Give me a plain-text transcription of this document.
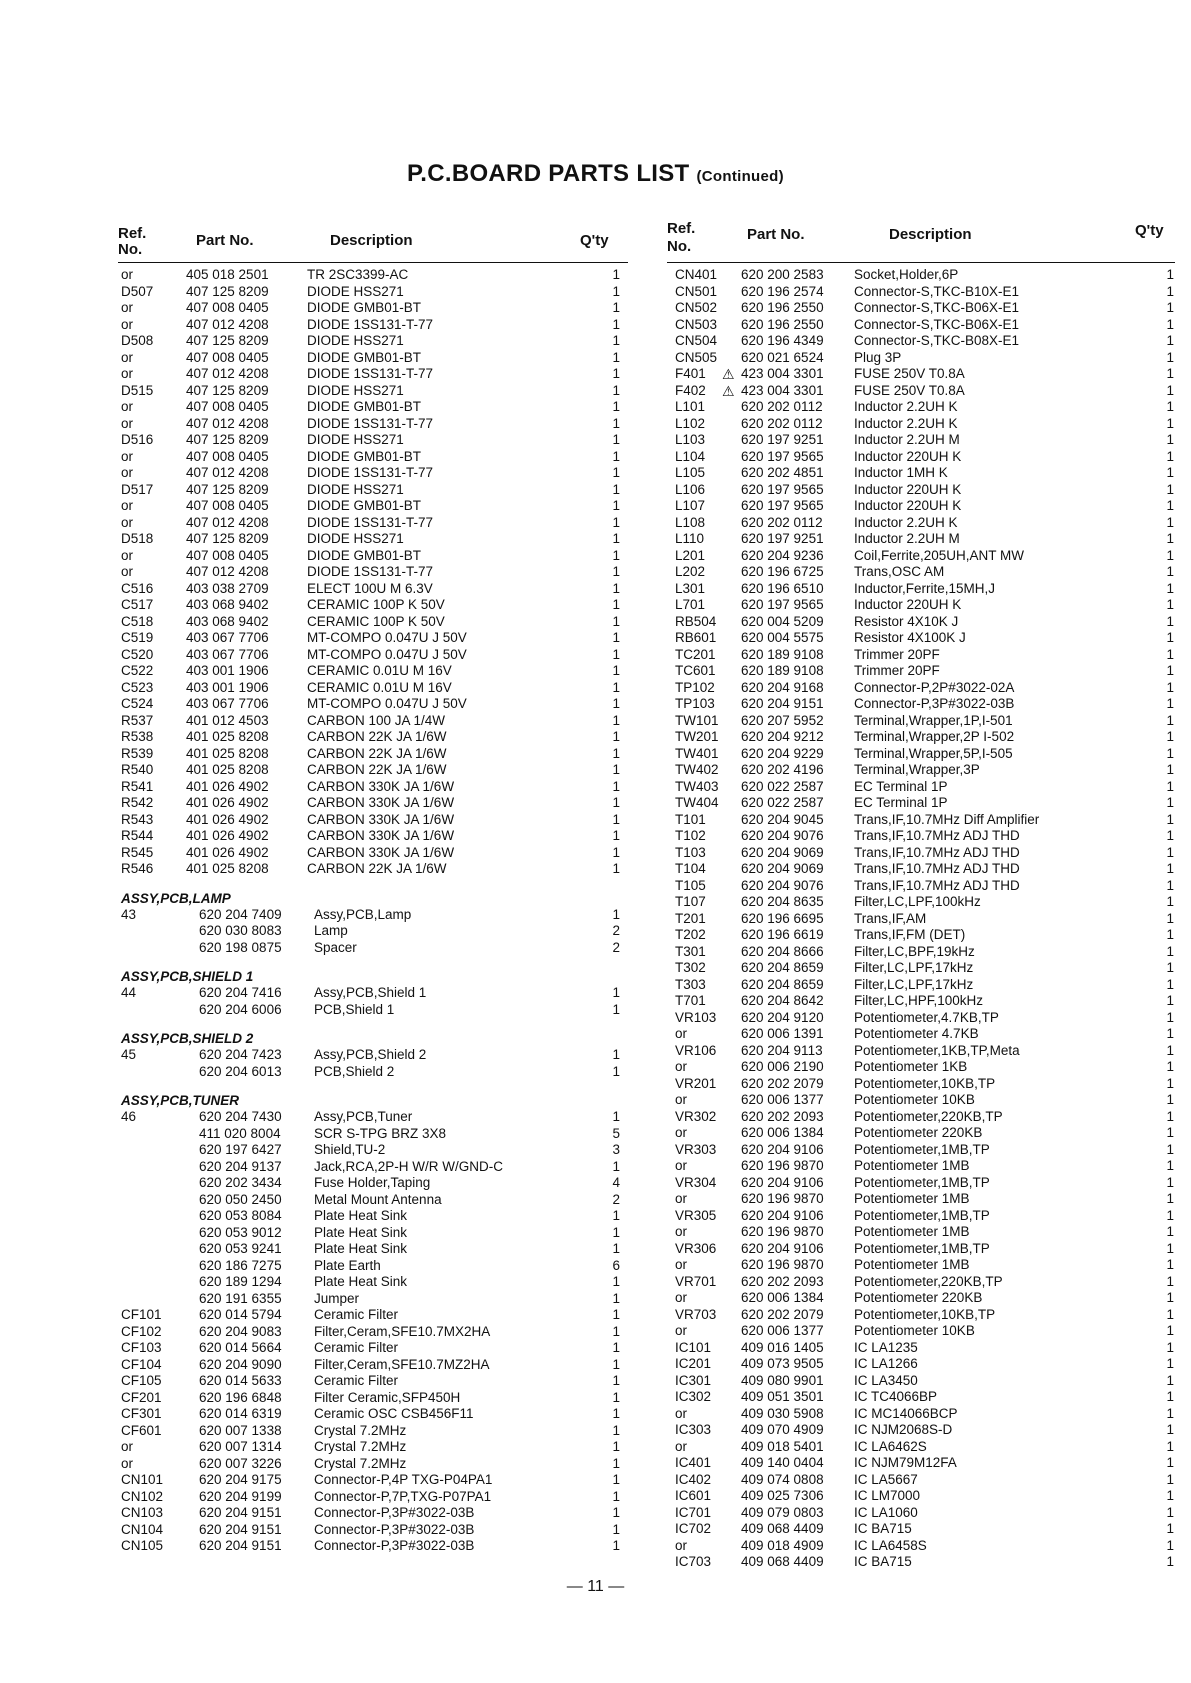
P.C.BOARD PARTS LIST (Continued)
Ref. No.
Part No.	Description	Q'ty
or	405 018 2501	TR 2SC3399-AC	1
D507 407 125 8209	DIODE HSS271	1
or	407 008 0405	DIODE GMB01-BT	1
or	407 012 4208	DIODE 1SS131-T-77	1
D508 407 125 8209	DIODE HSS271	1
or	407 008 0405	DIODE GMB01-BT	1
or	407 012 4208	DIODE 1SS131-T-77	1
D515 407 125 8209	DIODE HSS271	1
or	407 008 0405	DIODE GMB01-BT	1
or	407 012 4208	DIODE 1SS131-T-77	1
D516 407 125 8209	DIODE HSS271	1
or	407 008 0405	DIODE GMB01-BT	1
or	407 012 4208	DIODE 1SS131-T-77	1
D517 407 125 8209	DIODE HSS271	1
or	407 008 0405	DIODE GMB01-BT	1
or	407 012 4208	DIODE 1SS131-T-77	1
D518 407 125 8209	DIODE HSS271	1
or	407 008 0405	DIODE GMB01-BT	1
or	407 012 4208	DIODE 1SS131-T-77	1
C516 403 038 2709	ELECT 100U M 6.3V	1
C517 403 068 9402	CERAMIC 100P K 50V	1
C518 403 068 9402	CERAMIC 100P K 50V	1
C519 403 067 7706	MT-COMPO 0.047U J 50V	1
C520 403 067 7706	MT-COMPO 0.047U J 50V	1
C522 403 001 1906	CERAMIC 0.01U M 16V	1
C523 403 001 1906	CERAMIC 0.01U M 16V	1
C524 403 067 7706	MT-COMPO 0.047U J 50V	1
R537 401 012 4503	CARBON 100 JA 1/4W	1
R538 401 025 8208	CARBON 22K JA 1/6W	1
R539 401 025 8208	CARBON 22K JA 1/6W	1
R540 401 025 8208	CARBON 22K JA 1/6W	1
R541 401 026 4902	CARBON 330K JA 1/6W	1
R542 401 026 4902	CARBON 330K JA 1/6W	1
R543 401 026 4902	CARBON 330K JA 1/6W	1
R544 401 026 4902	CARBON 330K JA 1/6W	1
R545 401 026 4902	CARBON 330K JA 1/6W	1
R546 401 025 8208	CARBON 22K JA 1/6W	1
ASSY,PCB,LAMP
43	620 204 7409 Assy,PCB,Lamp	1
620 030 8083 Lamp	2
620 198 0875 Spacer	2
ASSY,PCB,SHIELD 1
44	620 204 7416 Assy,PCB,Shield 1	1
620 204 6006 PCB,Shield 1	1
ASSY,PCB,SHIELD 2
45	620 204 7423 Assy,PCB,Shield 2	1
620 204 6013 PCB,Shield 2	1
ASSY,PCB,TUNER
46	620 204 7430 Assy,PCB,Tuner	1
411 020 8004 SCR S-TPG BRZ 3X8	5
620 197 6427 Shield,TU-2	3
620 204 9137 Jack,RCA,2P-H W/R W/GND-C	1
620 202 3434 Fuse Holder,Taping	4
620 050 2450 Metal Mount Antenna	2
620 053 8084 Plate Heat Sink	1
620 053 9012 Plate Heat Sink	1
620 053 9241 Plate Heat Sink	1
620 186 7275 Plate Earth	6
620 189 1294 Plate Heat Sink	1
620 191 6355 Jumper	1
CF101	620 014 5794 Ceramic Filter	1
CF102	620 204 9083 Filter,Ceram,SFE10.7MX2HA	1
CF103	620 014 5664 Ceramic Filter	1
CF104	620 204 9090 Filter,Ceram,SFE10.7MZ2HA	1
CF105	620 014 5633 Ceramic Filter	1
CF201	620 196 6848 Filter Ceramic,SFP450H	1
CF301	620 014 6319 Ceramic OSC CSB456F11	1
CF601	620 007 1338 Crystal 7.2MHz	1
or	620 007 1314 Crystal 7.2MHz	1
or	620 007 3226 Crystal 7.2MHz	1
CN101	620 204 9175 Connector-P,4P TXG-P04PA1	1
CN102	620 204 9199 Connector-P,7P,TXG-P07PA1	1
CN103	620 204 9151 Connector-P,3P#3022-03B	1
CN104	620 204 9151 Connector-P,3P#3022-03B	1
CN105	620 204 9151 Connector-P,3P#3022-03B	1
Ref. No.
Part No.	Description	Q'ty
CN401 620 200 2583 Socket,Holder,6P	1
CN501 620 196 2574 Connector-S,TKC-B10X-E1	1
CN502 620 196 2550 Connector-S,TKC-B06X-E1	1
CN503 620 196 2550 Connector-S,TKC-B06X-E1	1
CN504 620 196 4349 Connector-S,TKC-B08X-E1	1
CN505 620 021 6524 Plug 3P	1
F401 ⚠ 423 004 3301 FUSE 250V T0.8A	1
F402 ⚠ 423 004 3301 FUSE 250V T0.8A	1
L101	620 202 0112 Inductor 2.2UH K	1
L102	620 202 0112 Inductor 2.2UH K	1
L103	620 197 9251 Inductor 2.2UH M	1
L104	620 197 9565 Inductor 220UH K	1
L105	620 202 4851 Inductor 1MH K	1
L106	620 197 9565 Inductor 220UH K	1
L107	620 197 9565 Inductor 220UH K	1
L108	620 202 0112 Inductor 2.2UH K	1
L110	620 197 9251 Inductor 2.2UH M	1
L201	620 204 9236 Coil,Ferrite,205UH,ANT MW	1
L202	620 196 6725 Trans,OSC AM	1
L301	620 196 6510 Inductor,Ferrite,15MH,J	1
L701	620 197 9565 Inductor 220UH K	1
RB504 620 004 5209 Resistor 4X10K J	1
RB601 620 004 5575 Resistor 4X100K J	1
TC201 620 189 9108 Trimmer 20PF	1
TC601 620 189 9108 Trimmer 20PF	1
TP102 620 204 9168 Connector-P,2P#3022-02A	1
TP103 620 204 9151 Connector-P,3P#3022-03B	1
TW101 620 207 5952 Terminal,Wrapper,1P,I-501	1
TW201 620 204 9212 Terminal,Wrapper,2P I-502	1
TW401 620 204 9229 Terminal,Wrapper,5P,I-505	1
TW402 620 202 4196 Terminal,Wrapper,3P	1
TW403 620 022 2587 EC Terminal 1P	1
TW404 620 022 2587 EC Terminal 1P	1
T101	620 204 9045 Trans,IF,10.7MHz Diff Amplifier	1
T102	620 204 9076 Trans,IF,10.7MHz ADJ THD	1
T103	620 204 9069 Trans,IF,10.7MHz ADJ THD	1
T104	620 204 9069 Trans,IF,10.7MHz ADJ THD	1
T105	620 204 9076 Trans,IF,10.7MHz ADJ THD	1
T107	620 204 8635 Filter,LC,LPF,100kHz	1
T201	620 196 6695 Trans,IF,AM	1
T202	620 196 6619 Trans,IF,FM (DET)	1
T301	620 204 8666 Filter,LC,BPF,19kHz	1
T302	620 204 8659 Filter,LC,LPF,17kHz	1
T303	620 204 8659 Filter,LC,LPF,17kHz	1
T701	620 204 8642 Filter,LC,HPF,100kHz	1
VR103 620 204 9120 Potentiometer,4.7KB,TP	1
or	620 006 1391 Potentiometer 4.7KB	1
VR106 620 204 9113 Potentiometer,1KB,TP,Meta	1
or	620 006 2190 Potentiometer 1KB	1
VR201 620 202 2079 Potentiometer,10KB,TP	1
or	620 006 1377 Potentiometer 10KB	1
VR302 620 202 2093 Potentiometer,220KB,TP	1
or	620 006 1384 Potentiometer 220KB	1
VR303 620 204 9106 Potentiometer,1MB,TP	1
or	620 196 9870 Potentiometer 1MB	1
VR304 620 204 9106 Potentiometer,1MB,TP	1
or	620 196 9870 Potentiometer 1MB	1
VR305 620 204 9106 Potentiometer,1MB,TP	1
or	620 196 9870 Potentiometer 1MB	1
VR306 620 204 9106 Potentiometer,1MB,TP	1
or	620 196 9870 Potentiometer 1MB	1
VR701 620 202 2093 Potentiometer,220KB,TP	1
or	620 006 1384 Potentiometer 220KB	1
VR703 620 202 2079 Potentiometer,10KB,TP	1
or	620 006 1377 Potentiometer 10KB	1
IC101 409 016 1405 IC LA1235	1
IC201 409 073 9505 IC LA1266	1
IC301 409 080 9901 IC LA3450	1
IC302 409 051 3501 IC TC4066BP	1
or	409 030 5908 IC MC14066BCP	1
IC303 409 070 4909 IC NJM2068S-D	1
or	409 018 5401 IC LA6462S	1
IC401 409 140 0404 IC NJM79M12FA	1
IC402 409 074 0808 IC LA5667	1
IC601 409 025 7306 IC LM7000	1
IC701 409 079 0803 IC LA1060	1
IC702 409 068 4409 IC BA715	1
or	409 018 4909 IC LA6458S	1
IC703 409 068 4409 IC BA715	1
— 11 —
